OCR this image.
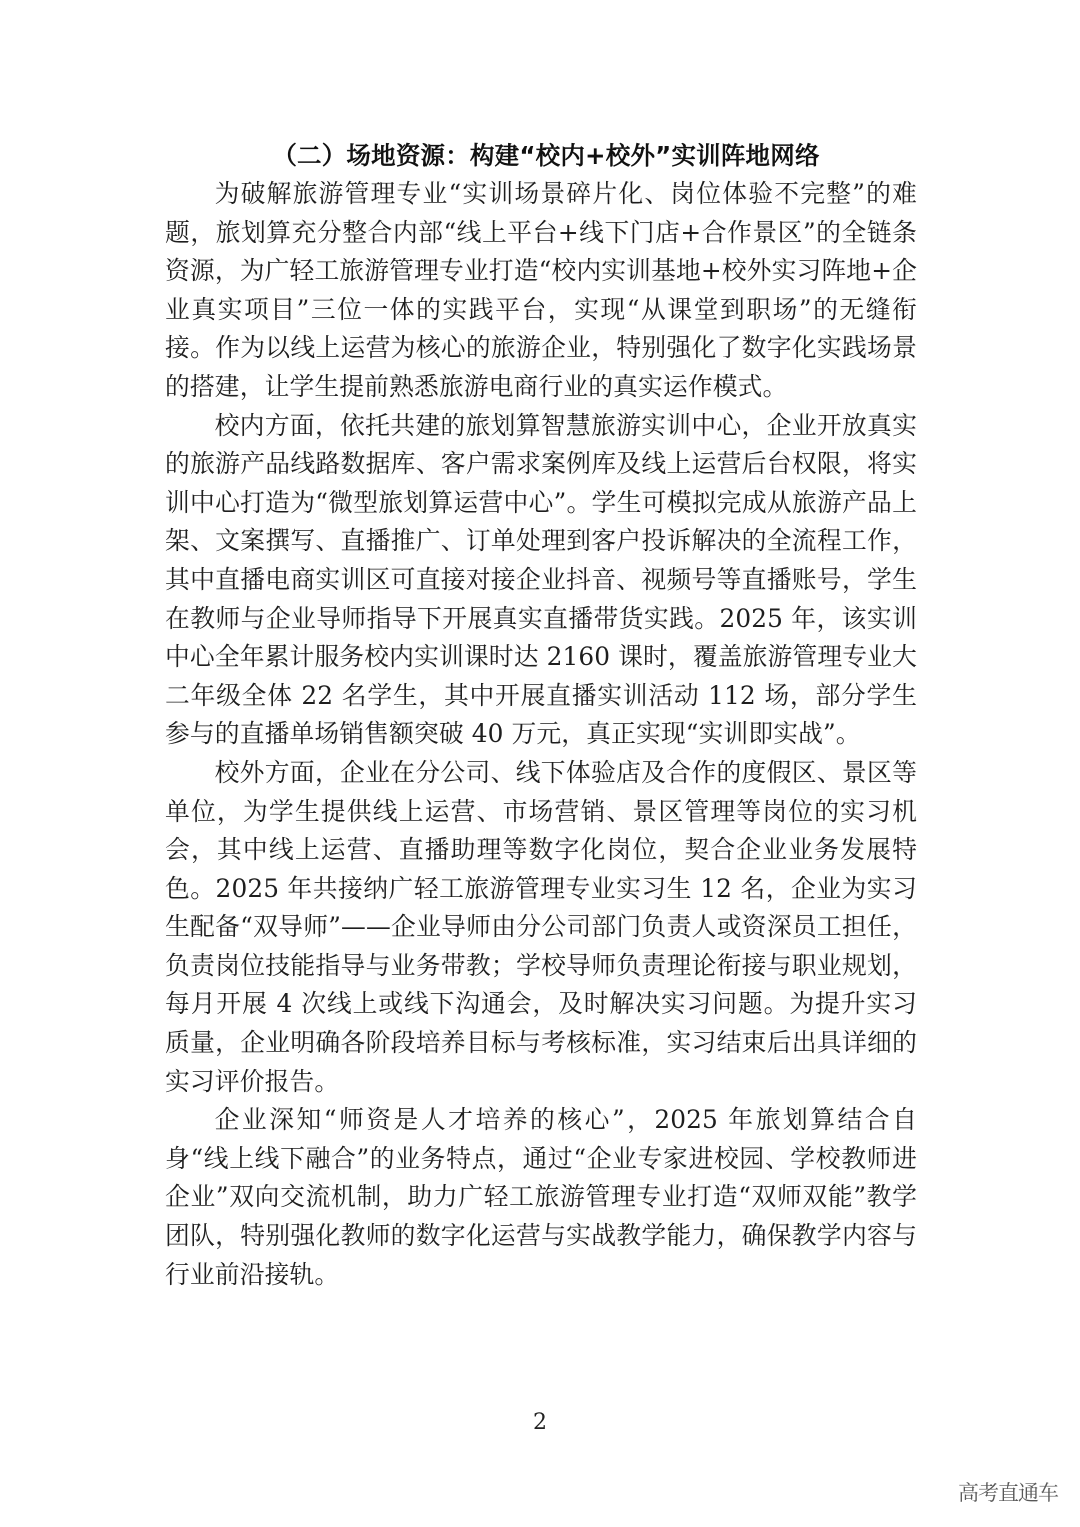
（二）场地资源：构建“校内+校外”实训阵地网络

为破解旅游管理专业“实训场景碎片化、岗位体验不完整”的难题，旅划算充分整合内部“线上平台+线下门店+合作景区”的全链条资源，为广轻工旅游管理专业打造“校内实训基地+校外实习阵地+企业真实项目”三位一体的实践平台，实现“从课堂到职场”的无缝衔接。作为以线上运营为核心的旅游企业，特别强化了数字化实践场景的搭建，让学生提前熟悉旅游电商行业的真实运作模式。

校内方面，依托共建的旅划算智慧旅游实训中心，企业开放真实的旅游产品线路数据库、客户需求案例库及线上运营后台权限，将实训中心打造为“微型旅划算运营中心”。学生可模拟完成从旅游产品上架、文案撰写、直播推广、订单处理到客户投诉解决的全流程工作，其中直播电商实训区可直接对接企业抖音、视频号等直播账号，学生在教师与企业导师指导下开展真实直播带货实践。2025 年，该实训中心全年累计服务校内实训课时达 2160 课时，覆盖旅游管理专业大二年级全体 22 名学生，其中开展直播实训活动 112 场，部分学生参与的直播单场销售额突破 40 万元，真正实现“实训即实战”。

校外方面，企业在分公司、线下体验店及合作的度假区、景区等单位，为学生提供线上运营、市场营销、景区管理等岗位的实习机会，其中线上运营、直播助理等数字化岗位，契合企业业务发展特色。2025 年共接纳广轻工旅游管理专业实习生 12 名，企业为实习生配备“双导师”——企业导师由分公司部门负责人或资深员工担任，负责岗位技能指导与业务带教；学校导师负责理论衔接与职业规划，每月开展 4 次线上或线下沟通会，及时解决实习问题。为提升实习质量，企业明确各阶段培养目标与考核标准，实习结束后出具详细的实习评价报告。

企业深知“师资是人才培养的核心”，2025 年旅划算结合自身“线上线下融合”的业务特点，通过“企业专家进校园、学校教师进企业”双向交流机制，助力广轻工旅游管理专业打造“双师双能”教学团队，特别强化教师的数字化运营与实战教学能力，确保教学内容与行业前沿接轨。

2
高考直通车
